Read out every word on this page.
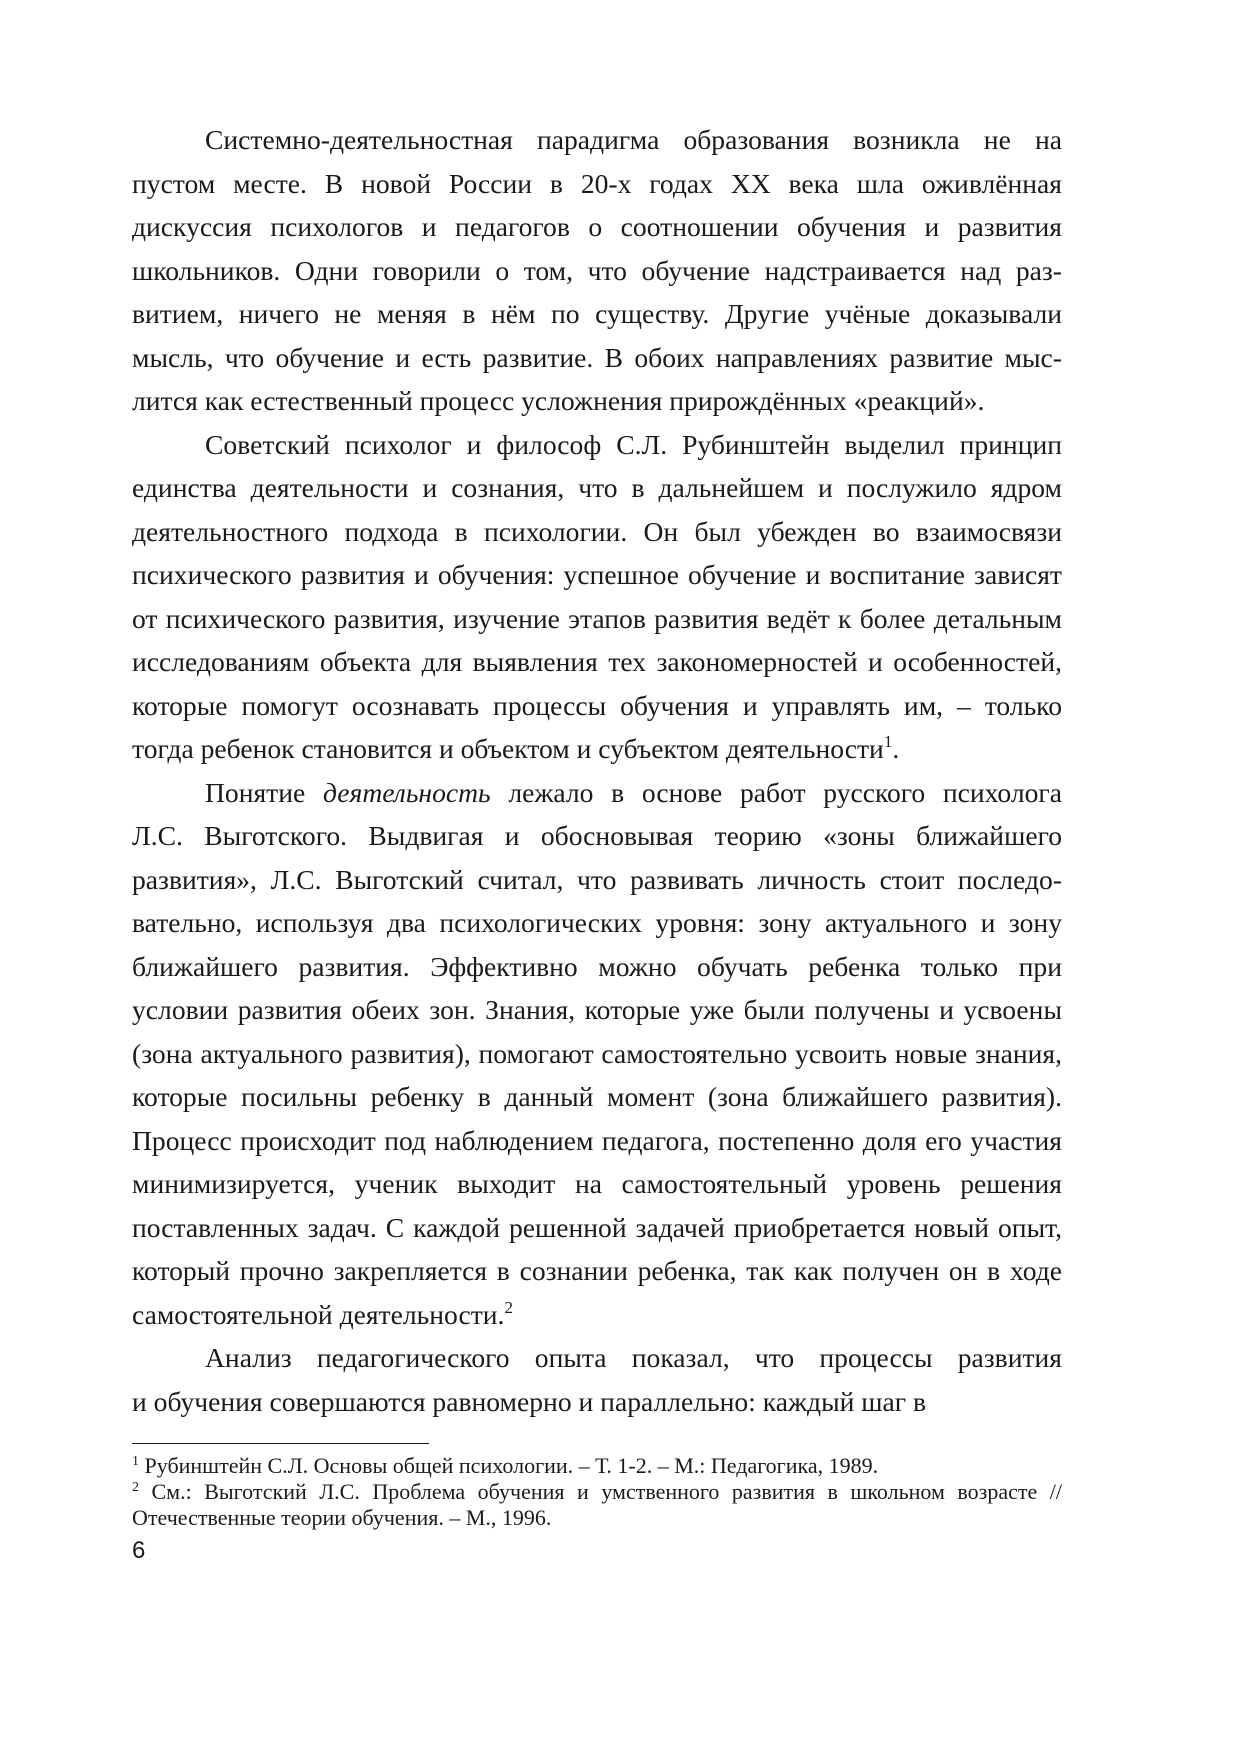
Системно-деятельностная парадигма образования возникла не на пустом месте. В новой России в 20-х годах XX века шла оживлённая дискуссия психологов и педагогов о соотношении обучения и развития школьников. Одни говорили о том, что обучение надстраивается над развитием, ничего не меняя в нём по существу. Другие учёные доказывали мысль, что обучение и есть развитие. В обоих направлениях развитие мыслится как естественный процесс усложнения прирождённых «реакций».

Советский психолог и философ С.Л. Рубинштейн выделил принцип единства деятельности и сознания, что в дальнейшем и послужило ядром деятельностного подхода в психологии. Он был убежден во взаимосвязи психического развития и обучения: успешное обучение и воспитание зависят от психического развития, изучение этапов развития ведёт к более детальным исследованиям объекта для выявления тех закономерностей и особенностей, которые помогут осознавать процессы обучения и управлять им, – только тогда ребенок становится и объектом и субъектом деятельности$^1$.

Понятие деятельность лежало в основе работ русского психолога Л.С. Выготского. Выдвигая и обосновывая теорию «зоны ближайшего развития», Л.С. Выготский считал, что развивать личность стоит последовательно, используя два психологических уровня: зону актуального и зону ближайшего развития. Эффективно можно обучать ребенка только при условии развития обеих зон. Знания, которые уже были получены и усвоены (зона актуального развития), помогают самостоятельно усвоить новые знания, которые посильны ребенку в данный момент (зона ближайшего развития). Процесс происходит под наблюдением педагога, постепенно доля его участия минимизируется, ученик выходит на самостоятельный уровень решения поставленных задач. С каждой решенной задачей приобретается новый опыт, который прочно закрепляется в сознании ребенка, так как получен он в ходе самостоятельной деятельности.$^2$

Анализ педагогического опыта показал, что процессы развития и обучения совершаются равномерно и параллельно: каждый шаг в

$^1$ Рубинштейн С.Л. Основы общей психологии. – Т. 1-2. – М.: Педагогика, 1989.

$^2$ См.: Выготский Л.С. Проблема обучения и умственного развития в школьном возрасте // Отечественные теории обучения. – М., 1996.

6
